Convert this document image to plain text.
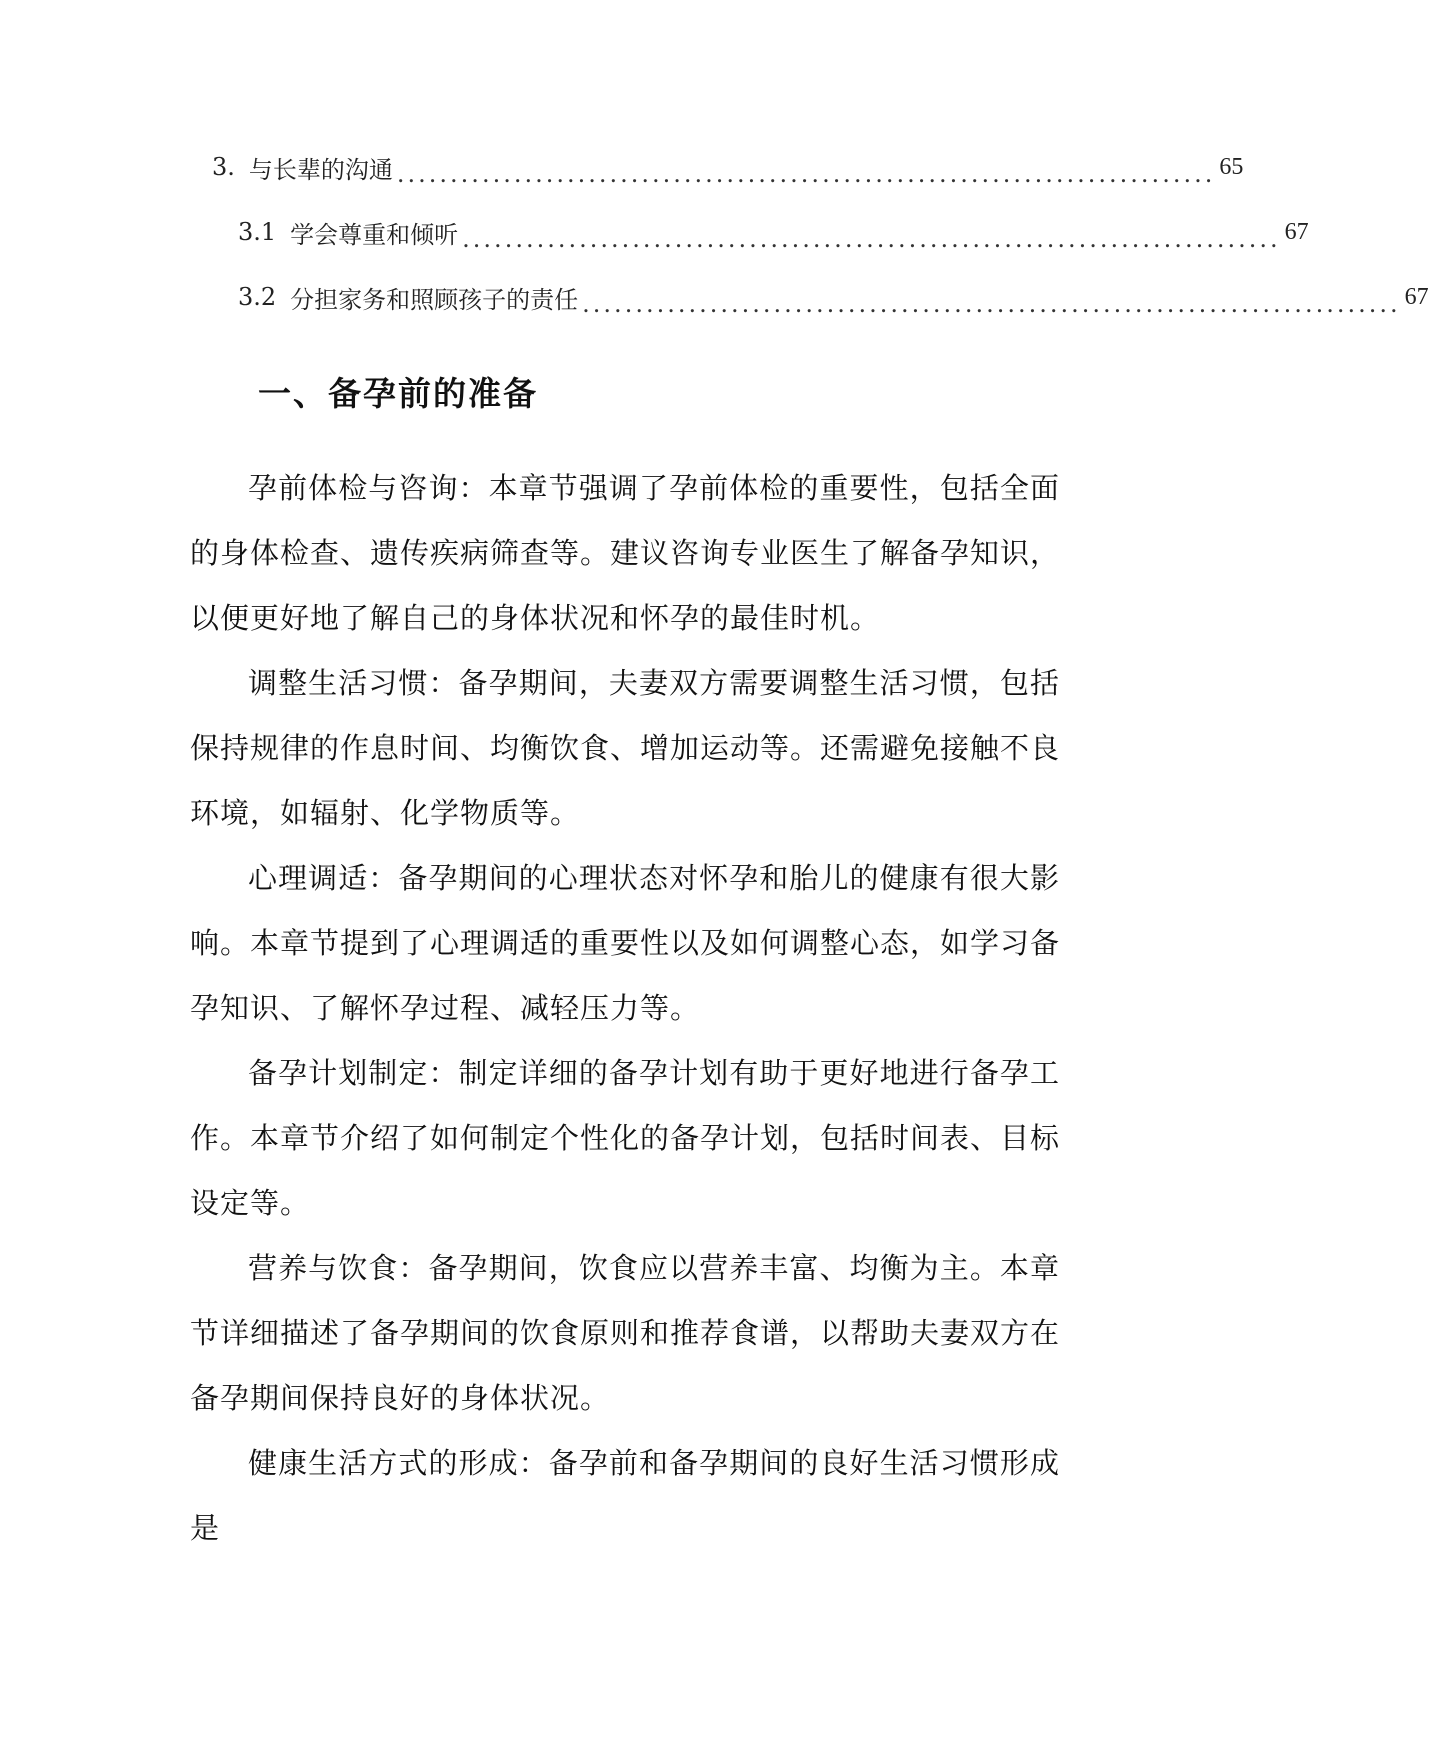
3. 与长辈的沟通 ............................................................................. 65
3.1 学会尊重和倾听 ............................................................................. 67
3.2 分担家务和照顾孩子的责任 ............................................................................. 67
一、备孕前的准备

孕前体检与咨询：本章节强调了孕前体检的重要性，包括全面的身体检查、遗传疾病筛查等。建议咨询专业医生了解备孕知识，以便更好地了解自己的身体状况和怀孕的最佳时机。

调整生活习惯：备孕期间，夫妻双方需要调整生活习惯，包括保持规律的作息时间、均衡饮食、增加运动等。还需避免接触不良环境，如辐射、化学物质等。

心理调适：备孕期间的心理状态对怀孕和胎儿的健康有很大影响。本章节提到了心理调适的重要性以及如何调整心态，如学习备孕知识、了解怀孕过程、减轻压力等。

备孕计划制定：制定详细的备孕计划有助于更好地进行备孕工作。本章节介绍了如何制定个性化的备孕计划，包括时间表、目标设定等。

营养与饮食：备孕期间，饮食应以营养丰富、均衡为主。本章节详细描述了备孕期间的饮食原则和推荐食谱，以帮助夫妻双方在备孕期间保持良好的身体状况。

健康生活方式的形成：备孕前和备孕期间的良好生活习惯形成是
